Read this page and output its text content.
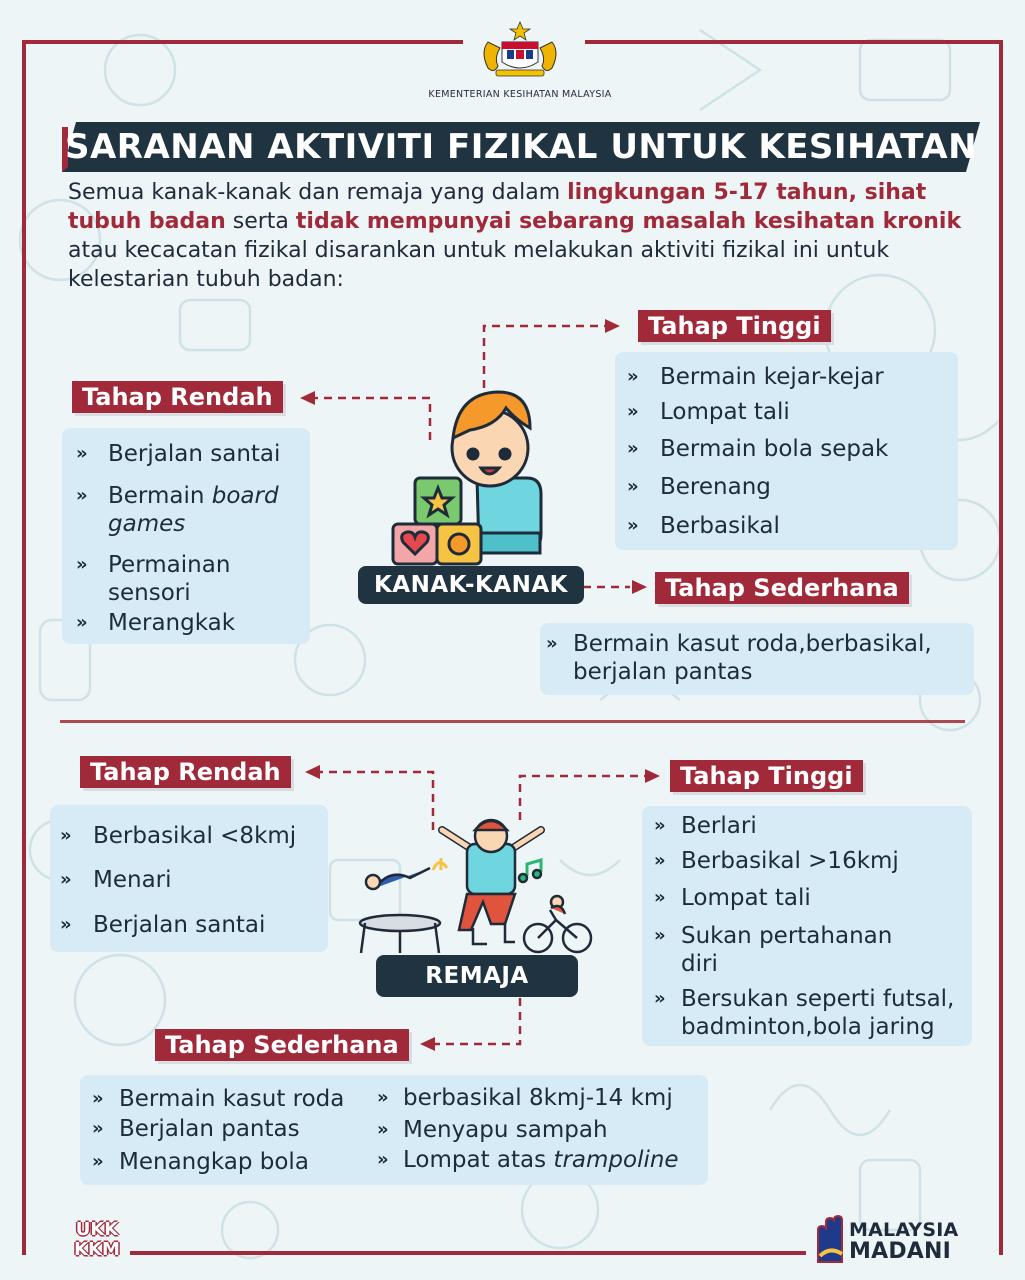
KEMENTERIAN KESIHATAN MALAYSIA
SARANAN AKTIVITI FIZIKAL UNTUK KESIHATAN
Semua kanak-kanak dan remaja yang dalam lingkungan 5-17 tahun, sihat tubuh badan serta tidak mempunyai sebarang masalah kesihatan kronik atau kecacatan fizikal disarankan untuk melakukan aktiviti fizikal ini untuk kelestarian tubuh badan:
Tahap Rendah
»	Berjalan santai
»	Bermain board
games
»	Permainan
sensori
»	Merangkak
Tahap Tinggi
»	Bermain kejar-kejar
»	Lompat tali
»	Bermain bola sepak
»	Berenang
»	Berbasikal
KANAK-KANAK	Tahap Sederhana
» Bermain kasut roda,berbasikal,
berjalan pantas
Tahap Rendah
»	Berbasikal <8kmj
»	Menari
»	Berjalan santai
Tahap Tinggi
» Berlari
» Berbasikal >16kmj
» Lompat tali
» Sukan pertahanan
diri
» Bersukan seperti futsal,
badminton,bola jaring
REMAJA
Tahap Sederhana
» Bermain kasut roda
» Berjalan pantas
» Menangkap bola
» berbasikal 8kmj-14 kmj
» Menyapu sampah
» Lompat atas trampoline
UKK
KKM
MALAYSIA
MADANI
